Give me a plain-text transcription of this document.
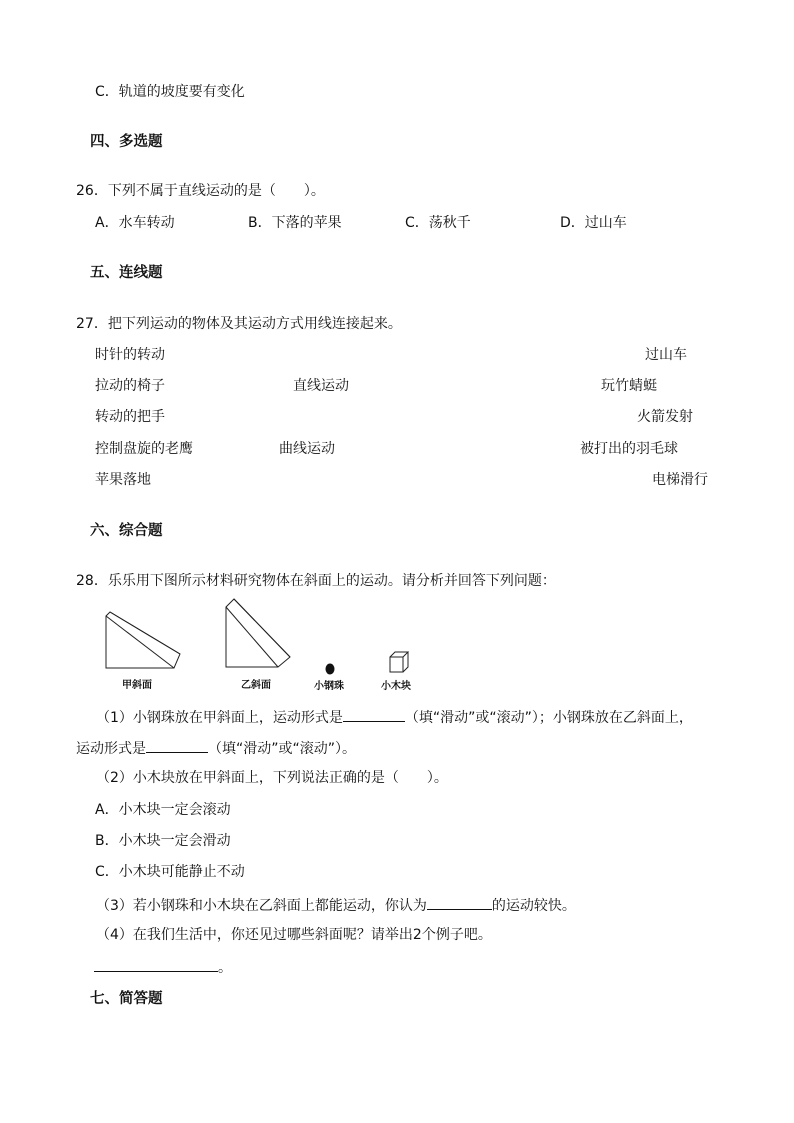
C．轨道的坡度要有变化
四、多选题
26．下列不属于直线运动的是（　　）。
A．水车转动	B．下落的苹果	C．荡秋千	D．过山车
五、连线题
27．把下列运动的物体及其运动方式用线连接起来。
时针的转动
拉动的椅子
转动的把手
控制盘旋的老鹰
苹果落地
直线运动
曲线运动
过山车
玩竹蜻蜓
火箭发射
被打出的羽毛球
电梯滑行
六、综合题
28．乐乐用下图所示材料研究物体在斜面上的运动。请分析并回答下列问题：
甲斜面	乙斜面	小钢珠	小木块
（1）小钢珠放在甲斜面上，运动形式是	（填“滑动”或“滚动”）；小钢珠放在乙斜面上，
运动形式是	（填“滑动”或“滚动”）。
（2）小木块放在甲斜面上，下列说法正确的是（　　）。
A．小木块一定会滚动
B．小木块一定会滑动
C．小木块可能静止不动
（3）若小钢珠和小木块在乙斜面上都能运动，你认为	的运动较快。
（4）在我们生活中，你还见过哪些斜面呢？请举出2个例子吧。
。
七、简答题
